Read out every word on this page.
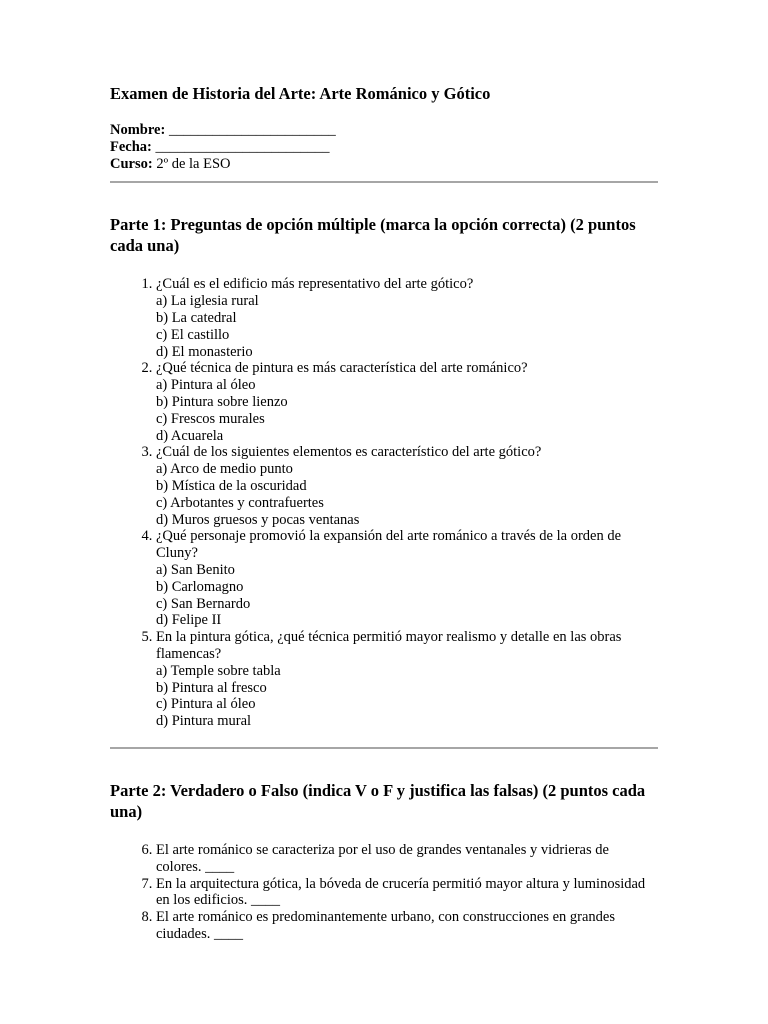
Examen de Historia del Arte: Arte Románico y Gótico
Nombre: _______________________
Fecha: ________________________
Curso: 2º de la ESO
Parte 1: Preguntas de opción múltiple (marca la opción correcta) (2 puntos cada una)
1. ¿Cuál es el edificio más representativo del arte gótico?
a) La iglesia rural
b) La catedral
c) El castillo
d) El monasterio
2. ¿Qué técnica de pintura es más característica del arte románico?
a) Pintura al óleo
b) Pintura sobre lienzo
c) Frescos murales
d) Acuarela
3. ¿Cuál de los siguientes elementos es característico del arte gótico?
a) Arco de medio punto
b) Mística de la oscuridad
c) Arbotantes y contrafuertes
d) Muros gruesos y pocas ventanas
4. ¿Qué personaje promovió la expansión del arte románico a través de la orden de Cluny?
a) San Benito
b) Carlomagno
c) San Bernardo
d) Felipe II
5. En la pintura gótica, ¿qué técnica permitió mayor realismo y detalle en las obras flamencas?
a) Temple sobre tabla
b) Pintura al fresco
c) Pintura al óleo
d) Pintura mural
Parte 2: Verdadero o Falso (indica V o F y justifica las falsas) (2 puntos cada una)
6. El arte románico se caracteriza por el uso de grandes ventanales y vidrieras de colores. ____
7. En la arquitectura gótica, la bóveda de crucería permitió mayor altura y luminosidad en los edificios. ____
8. El arte románico es predominantemente urbano, con construcciones en grandes ciudades. ____
